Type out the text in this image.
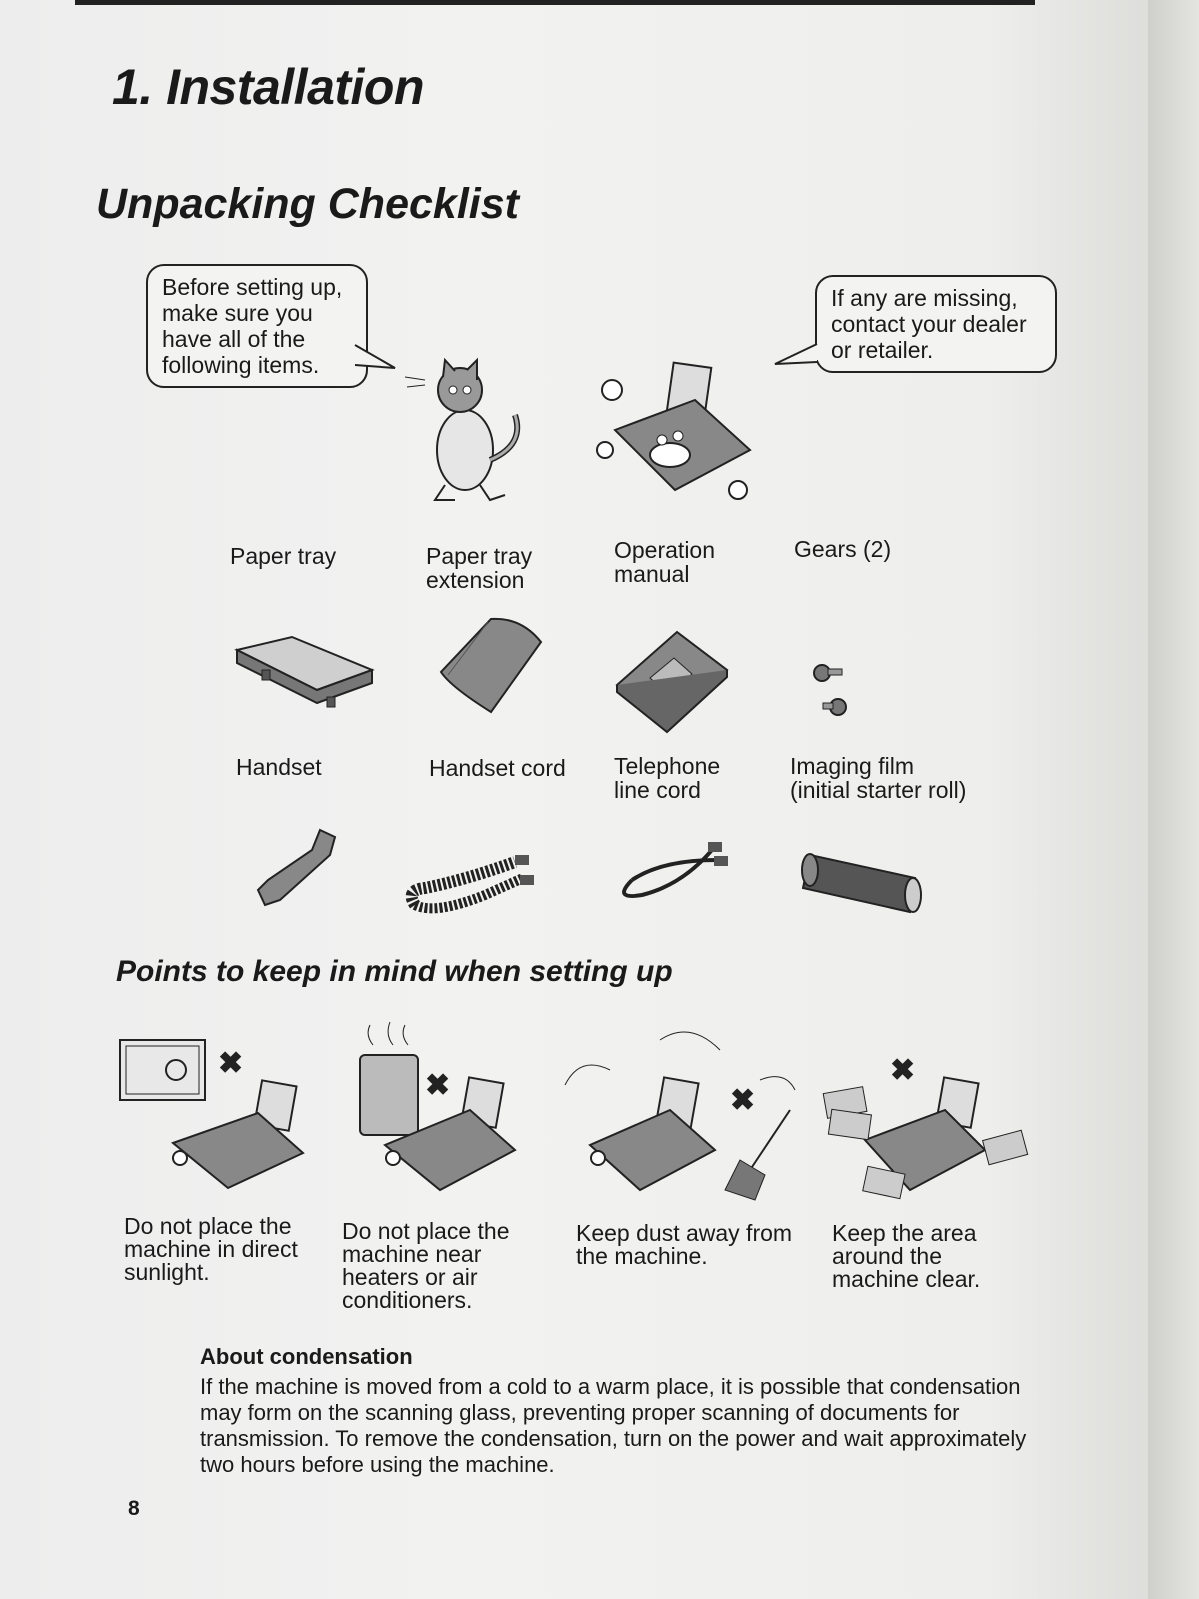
1. Installation
Unpacking Checklist
Before setting up, make sure you have all of the following items.
If any are missing, contact your dealer or retailer.
Paper tray	Paper tray
extension
Operation
manual
Gears (2)
Handset	Handset cord Telephone
line cord
Imaging film
(initial starter roll)
Points to keep in mind when setting up
✖
✖	✖
✖
Do not place the
machine in direct
sunlight.
Do not place the
machine near
heaters or air
conditioners.
Keep dust away from
the machine.
Keep the area
around the
machine clear.
About condensation
If the machine is moved from a cold to a warm place, it is possible that condensation may form on the scanning glass, preventing proper scanning of documents for transmission. To remove the condensation, turn on the power and wait approximately two hours before using the machine.
8
